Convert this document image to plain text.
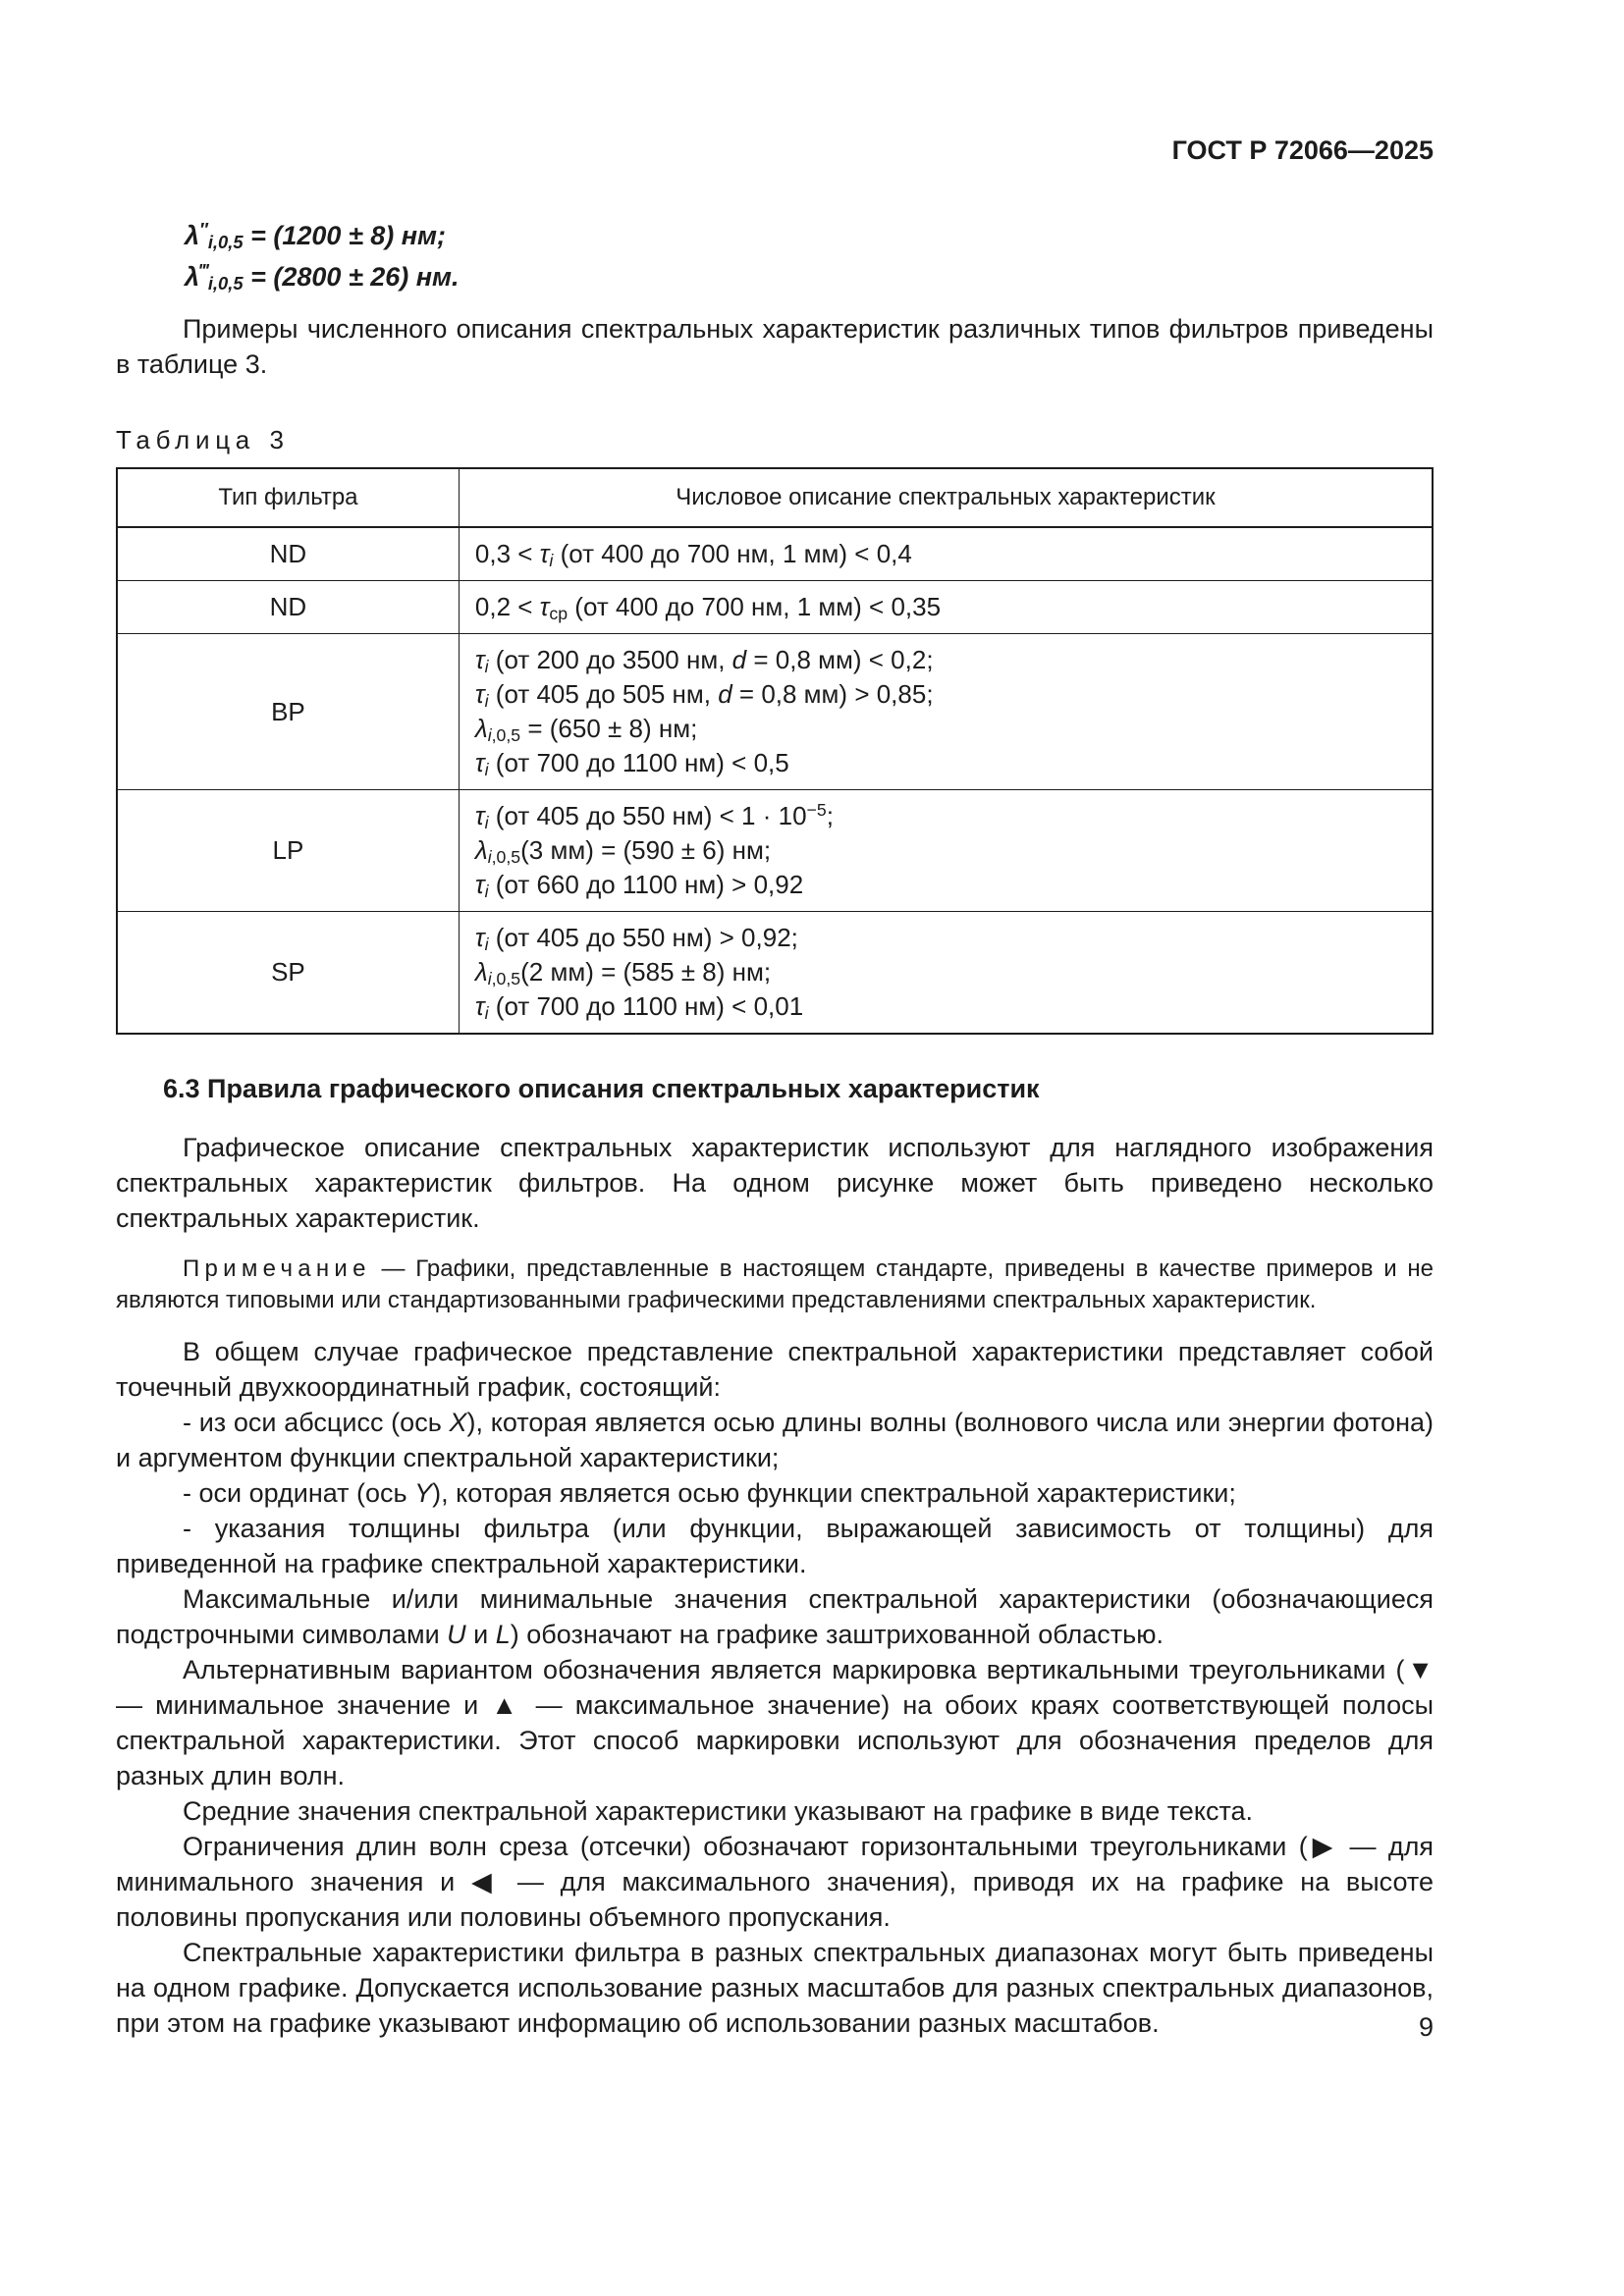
ГОСТ Р 72066—2025
$\lambda''_{i,0,5} = (1200 \pm 8)$ нм;
$\lambda^‴_{i,0,5} = (2800 \pm 26)$ нм.

Примеры численного описания спектральных характеристик различных типов фильтров приведены в таблице 3.

Таблица 3
Тип фильтра	Числовое описание спектральных характеристик
ND	$0,3 < \tau_i$ (от 400 до 700 нм, 1 мм) < 0,4

ND	$0,2 < \tau_{ср}$ (от 400 до 700 нм, 1 мм) < 0,35

BP	$\tau_i$ (от 200 до 3500 нм, d = 0,8 мм) < 0,2;
$\tau_i$ (от 405 до 505 нм, d = 0,8 мм) > 0,85;
$\lambda_{i,0,5} = (650 \pm 8)$ нм;
$\tau_i$ (от 700 до 1100 нм) < 0,5

LP	$\tau_i$ (от 405 до 550 $нм) < 1 \cdot 10^{-5}$;
$\lambda_{i,0,5}(3$ мм) = (590 ± 6) нм;
$\tau_i$ (от 660 до 1100 нм) > 0,92

SP	$\tau_i$ (от 405 до 550 нм) > 0,92;
$\lambda_{i,0,5}(2$ мм) = (585 ± 8) нм;
$\tau_i$ (от 700 до 1100 нм) < 0,01
6.3 Правила графического описания спектральных характеристик

Графическое описание спектральных характеристик используют для наглядного изображения спектральных характеристик фильтров. На одном рисунке может быть приведено несколько спектральных характеристик.

Примечание — Графики, представленные в настоящем стандарте, приведены в качестве примеров и не являются типовыми или стандартизованными графическими представлениями спектральных характеристик.

В общем случае графическое представление спектральной характеристики представляет собой точечный двухкоординатный график, состоящий:

- из оси абсцисс (ось X), которая является осью длины волны (волнового числа или энергии фотона) и аргументом функции спектральной характеристики;

- оси ординат (ось Y), которая является осью функции спектральной характеристики;

- указания толщины фильтра (или функции, выражающей зависимость от толщины) для приведенной на графике спектральной характеристики.

Максимальные и/или минимальные значения спектральной характеристики (обозначающиеся подстрочными символами U и L) обозначают на графике заштрихованной областью.

Альтернативным вариантом обозначения является маркировка вертикальными треугольниками (▼ — минимальное значение и ▲ — максимальное значение) на обоих краях соответствующей полосы спектральной характеристики. Этот способ маркировки используют для обозначения пределов для разных длин волн.

Средние значения спектральной характеристики указывают на графике в виде текста.

Ограничения длин волн среза (отсечки) обозначают горизонтальными треугольниками (▶ — для минимального значения и ◀ — для максимального значения), приводя их на графике на высоте половины пропускания или половины объемного пропускания.

Спектральные характеристики фильтра в разных спектральных диапазонах могут быть приведены на одном графике. Допускается использование разных масштабов для разных спектральных диапазонов, при этом на графике указывают информацию об использовании разных масштабов.	9
